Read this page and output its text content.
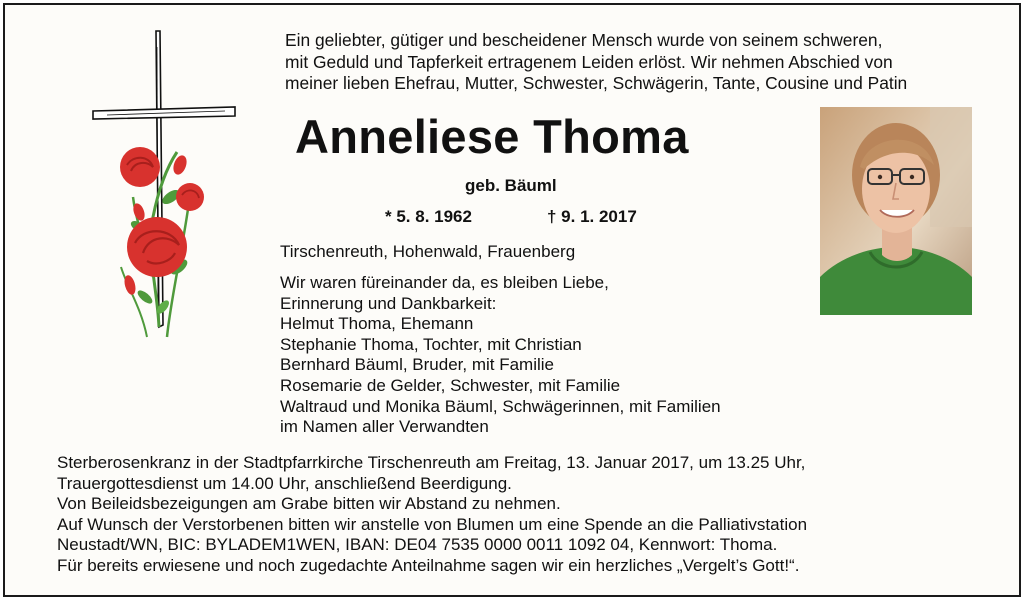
Ein geliebter, gütiger und bescheidener Mensch wurde von seinem schweren,
mit Geduld und Tapferkeit ertragenem Leiden erlöst. Wir nehmen Abschied von
meiner lieben Ehefrau, Mutter, Schwester, Schwägerin, Tante, Cousine und Patin
Anneliese Thoma
geb. Bäuml
* 5. 8. 1962	† 9. 1. 2017
Tirschenreuth, Hohenwald, Frauenberg
Wir waren füreinander da, es bleiben Liebe,
Erinnerung und Dankbarkeit:
Helmut Thoma, Ehemann
Stephanie Thoma, Tochter, mit Christian
Bernhard Bäuml, Bruder, mit Familie
Rosemarie de Gelder, Schwester, mit Familie
Waltraud und Monika Bäuml, Schwägerinnen, mit Familien
im Namen aller Verwandten
Sterberosenkranz in der Stadtpfarrkirche Tirschenreuth am Freitag, 13. Januar 2017, um 13.25 Uhr,
Trauergottesdienst um 14.00 Uhr, anschließend Beerdigung.
Von Beileidsbezeigungen am Grabe bitten wir Abstand zu nehmen.
Auf Wunsch der Verstorbenen bitten wir anstelle von Blumen um eine Spende an die Palliativstation
Neustadt/WN, BIC: BYLADEM1WEN, IBAN: DE04 7535 0000 0011 1092 04, Kennwort: Thoma.
Für bereits erwiesene und noch zugedachte Anteilnahme sagen wir ein herzliches „Vergelt’s Gott!“.
